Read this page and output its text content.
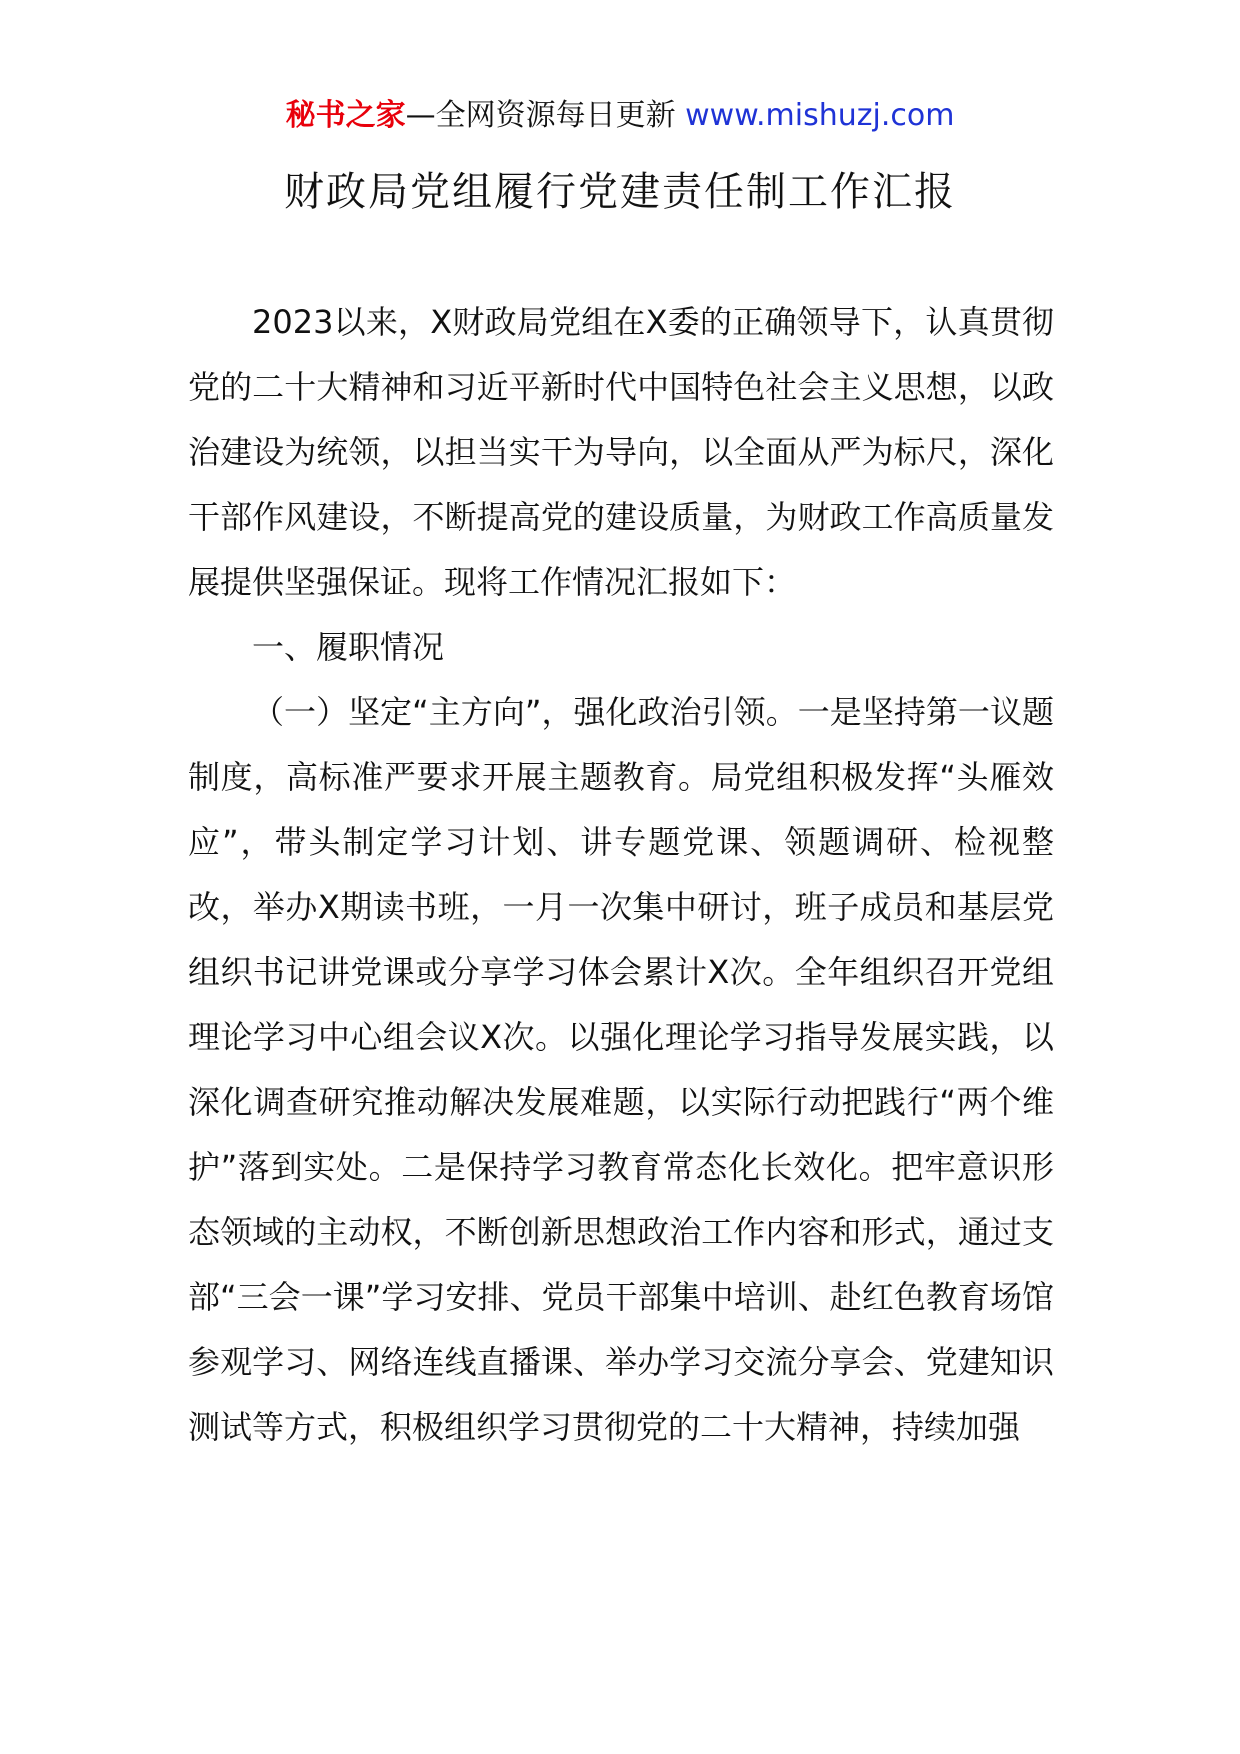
秘书之家—全网资源每日更新 www.mishuzj.com
财政局党组履行党建责任制工作汇报

2023以来，X财政局党组在X委的正确领导下，认真贯彻党的二十大精神和习近平新时代中国特色社会主义思想，以政治建设为统领，以担当实干为导向，以全面从严为标尺，深化干部作风建设，不断提高党的建设质量，为财政工作高质量发展提供坚强保证。现将工作情况汇报如下：

一、履职情况

（一）坚定“主方向”，强化政治引领。一是坚持第一议题制度，高标准严要求开展主题教育。局党组积极发挥“头雁效应”，带头制定学习计划、讲专题党课、领题调研、检视整改，举办X期读书班，一月一次集中研讨，班子成员和基层党组织书记讲党课或分享学习体会累计X次。全年组织召开党组理论学习中心组会议X次。以强化理论学习指导发展实践，以深化调查研究推动解决发展难题，以实际行动把践行“两个维护”落到实处。二是保持学习教育常态化长效化。把牢意识形态领域的主动权，不断创新思想政治工作内容和形式，通过支部“三会一课”学习安排、党员干部集中培训、赴红色教育场馆参观学习、网络连线直播课、举办学习交流分享会、党建知识测试等方式，积极组织学习贯彻党的二十大精神，持续加强
